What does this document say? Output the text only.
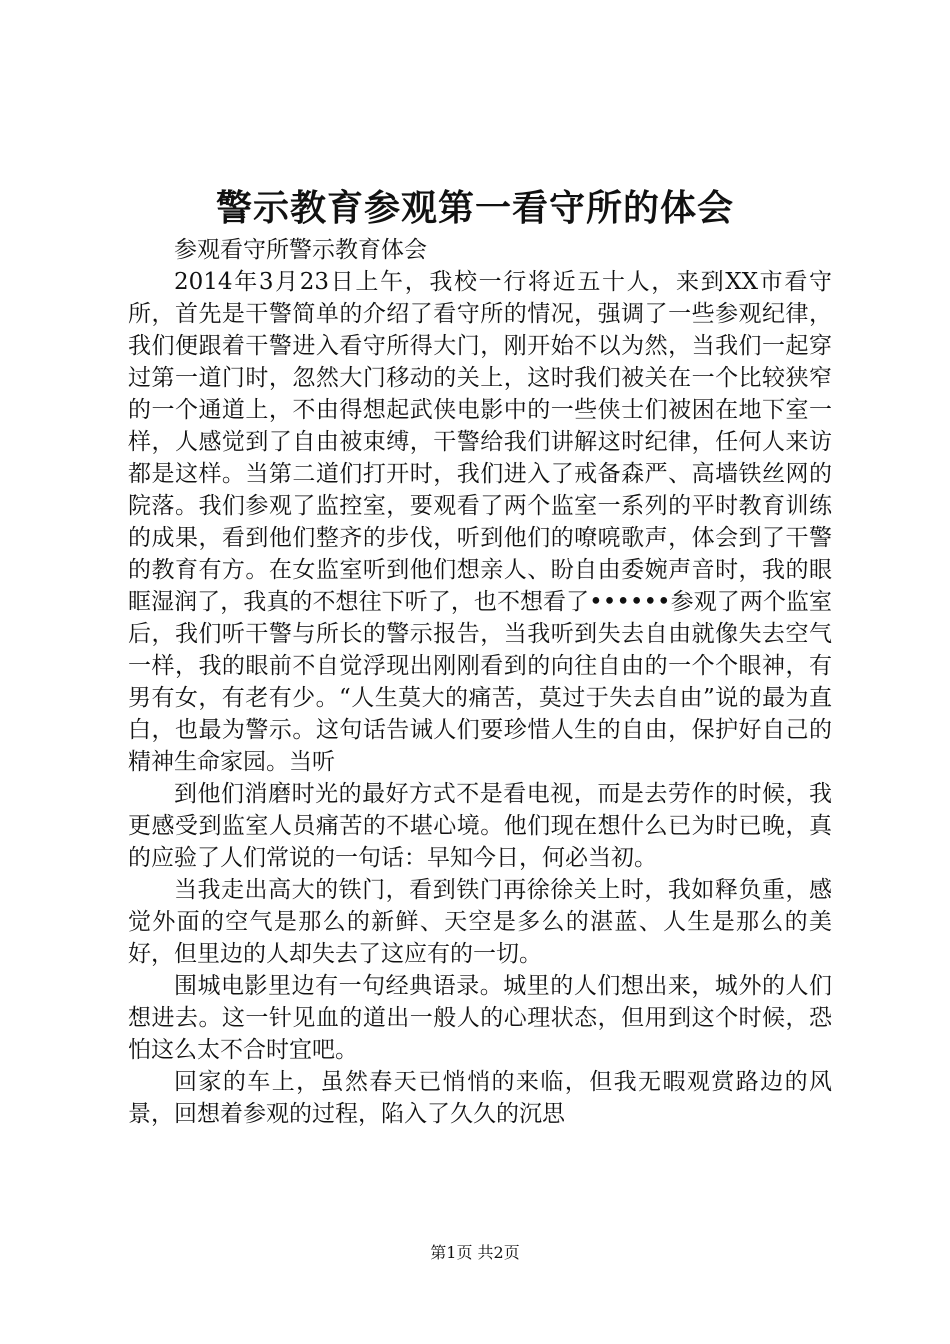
警示教育参观第一看守所的体会

参观看守所警示教育体会

2014年3月23日上午，我校一行将近五十人，来到XX市看守所，首先是干警简单的介绍了看守所的情况，强调了一些参观纪律，我们便跟着干警进入看守所得大门，刚开始不以为然，当我们一起穿过第一道门时，忽然大门移动的关上，这时我们被关在一个比较狭窄的一个通道上，不由得想起武侠电影中的一些侠士们被困在地下室一样，人感觉到了自由被束缚，干警给我们讲解这时纪律，任何人来访都是这样。当第二道们打开时，我们进入了戒备森严、高墙铁丝网的院落。我们参观了监控室，要观看了两个监室一系列的平时教育训练的成果，看到他们整齐的步伐，听到他们的嘹喨歌声，体会到了干警的教育有方。在女监室听到他们想亲人、盼自由委婉声音时，我的眼眶湿润了，我真的不想往下听了，也不想看了••••••参观了两个监室后，我们听干警与所长的警示报告，当我听到失去自由就像失去空气一样，我的眼前不自觉浮现出刚刚看到的向往自由的一个个眼神，有男有女，有老有少。“人生莫大的痛苦，莫过于失去自由”说的最为直白，也最为警示。这句话告诫人们要珍惜人生的自由，保护好自己的精神生命家园。当听

到他们消磨时光的最好方式不是看电视，而是去劳作的时候，我更感受到监室人员痛苦的不堪心境。他们现在想什么已为时已晚，真的应验了人们常说的一句话：早知今日，何必当初。

当我走出高大的铁门，看到铁门再徐徐关上时，我如释负重，感觉外面的空气是那么的新鲜、天空是多么的湛蓝、人生是那么的美好，但里边的人却失去了这应有的一切。

围城电影里边有一句经典语录。城里的人们想出来，城外的人们想进去。这一针见血的道出一般人的心理状态，但用到这个时候，恐怕这么太不合时宜吧。

回家的车上，虽然春天已悄悄的来临，但我无暇观赏路边的风景，回想着参观的过程，陷入了久久的沉思

第1页 共2页
